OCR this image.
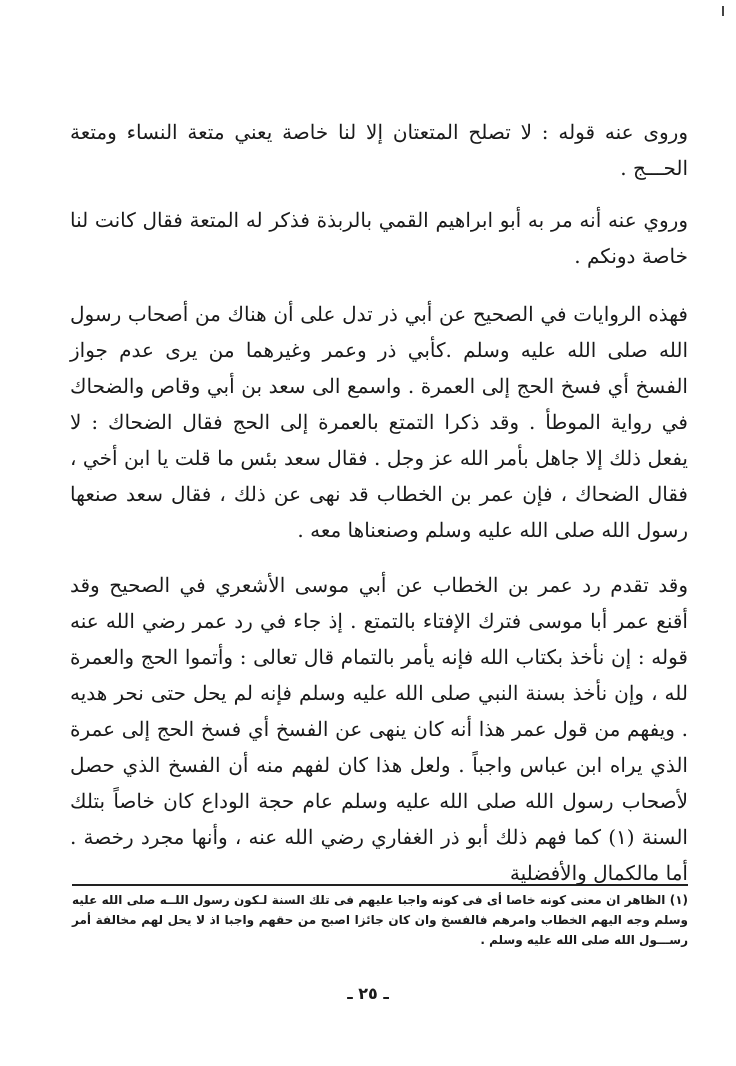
وروى عنه قوله : لا تصلح المتعتان إلا لنا خاصة يعني متعة النساء ومتعة الحـــج .

وروي عنه أنه مر به أبو ابراهيم القمي بالربذة فذكر له المتعة فقال كانت لنا خاصة دونكم .

فهذه الروايات في الصحيح عن أبي ذر تدل على أن هناك من أصحاب رسول الله صلى الله عليه وسلم .كأبي ذر وعمر وغيرهما من يرى عدم جواز الفسخ أي فسخ الحج إلى العمرة . واسمع الى سعد بن أبي وقاص والضحاك في رواية الموطأ . وقد ذكرا التمتع بالعمرة إلى الحج فقال الضحاك : لا يفعل ذلك إلا جاهل بأمر الله عز وجل . فقال سعد بئس ما قلت يا ابن أخي ، فقال الضحاك ، فإن عمر بن الخطاب قد نهى عن ذلك ، فقال سعد صنعها رسول الله صلى الله عليه وسلم وصنعناها معه .

وقد تقدم رد عمر بن الخطاب عن أبي موسى الأشعري في الصحيح وقد أقنع عمر أبا موسى فترك الإفتاء بالتمتع . إذ جاء في رد عمر رضي الله عنه قوله : إن نأخذ بكتاب الله فإنه يأمر بالتمام قال تعالى : وأتموا الحج والعمرة لله ، وإن نأخذ بسنة النبي صلى الله عليه وسلم فإنه لم يحل حتى نحر هديه . ويفهم من قول عمر هذا أنه كان ينهى عن الفسخ أي فسخ الحج إلى عمرة الذي يراه ابن عباس واجباً . ولعل هذا كان لفهم منه أن الفسخ الذي حصل لأصحاب رسول الله صلى الله عليه وسلم عام حجة الوداع كان خاصاً بتلك السنة (١) كما فهم ذلك أبو ذر الغفاري رضي الله عنه ، وأنها مجرد رخصة . أما مالكمال والأفضلية

(١) الظاهر ان معنى كونه خاصا أى فى كونه واجبا عليهم فى تلك السنة لـكون رسول اللــه صلى الله عليه وسلم وجه اليهم الخطاب وامرهم فالفسخ وان كان جائزا اصبح من حقهم واجبا اذ لا يحل لهم مخالفة أمر رســـول الله صلى الله عليه وسلم .

ـ ٢٥ ـ
